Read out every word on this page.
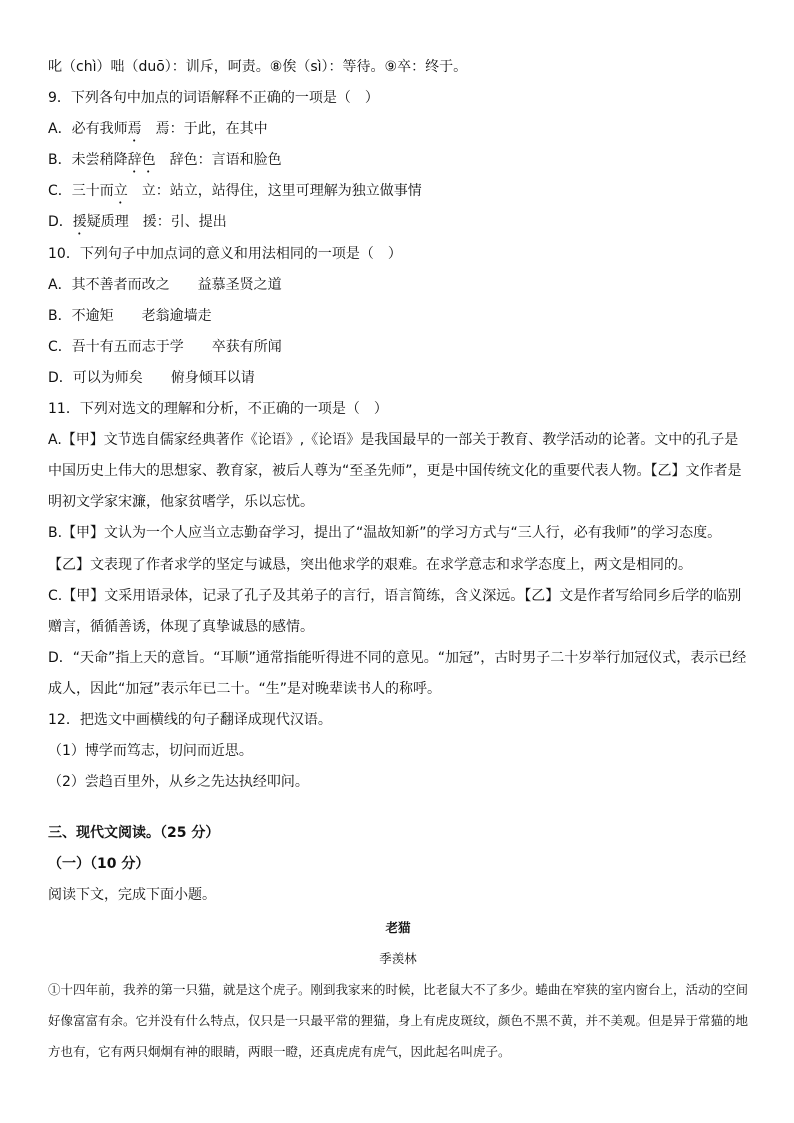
叱（chì）咄（duō）：训斥，呵责。⑧俟（sì）：等待。⑨卒：终于。
9．下列各句中加点的词语解释不正确的一项是（　）
A．必有我师焉 焉：于此，在其中
B．未尝稍降辞色 辞色：言语和脸色
C．三十而立 立：站立，站得住，这里可理解为独立做事情
D．援疑质理 援：引、提出
10．下列句子中加点词的意义和用法相同的一项是（　）
A．其不善者而改之 益慕圣贤之道
B．不逾矩 老翁逾墙走
C．吾十有五而志于学 卒获有所闻
D．可以为师矣 俯身倾耳以请
11．下列对选文的理解和分析，不正确的一项是（　）
A.【甲】文节选自儒家经典著作《论语》,《论语》是我国最早的一部关于教育、教学活动的论著。文中的孔子是中国历史上伟大的思想家、教育家，被后人尊为“至圣先师”，更是中国传统文化的重要代表人物。【乙】文作者是明初文学家宋濂，他家贫嗜学，乐以忘忧。
B.【甲】文认为一个人应当立志勤奋学习，提出了“温故知新”的学习方式与“三人行，必有我师”的学习态度。【乙】文表现了作者求学的坚定与诚恳，突出他求学的艰难。在求学意志和求学态度上，两文是相同的。
C.【甲】文采用语录体，记录了孔子及其弟子的言行，语言简练，含义深远。【乙】文是作者写给同乡后学的临别赠言，循循善诱，体现了真挚诚恳的感情。
D．“天命”指上天的意旨。“耳顺”通常指能听得进不同的意见。“加冠”，古时男子二十岁举行加冠仪式，表示已经成人，因此“加冠”表示年已二十。“生”是对晚辈读书人的称呼。
12．把选文中画横线的句子翻译成现代汉语。
（1）博学而笃志，切问而近思。
（2）尝趋百里外，从乡之先达执经叩问。
三、现代文阅读。（25 分）
（一）（10 分）
阅读下文，完成下面小题。
老猫
季羡林
①十四年前，我养的第一只猫，就是这个虎子。刚到我家来的时候，比老鼠大不了多少。蜷曲在窄狭的室内窗台上，活动的空间好像富富有余。它并没有什么特点，仅只是一只最平常的狸猫，身上有虎皮斑纹，颜色不黑不黄，并不美观。但是异于常猫的地方也有，它有两只炯炯有神的眼睛，两眼一瞪，还真虎虎有虎气，因此起名叫虎子。
